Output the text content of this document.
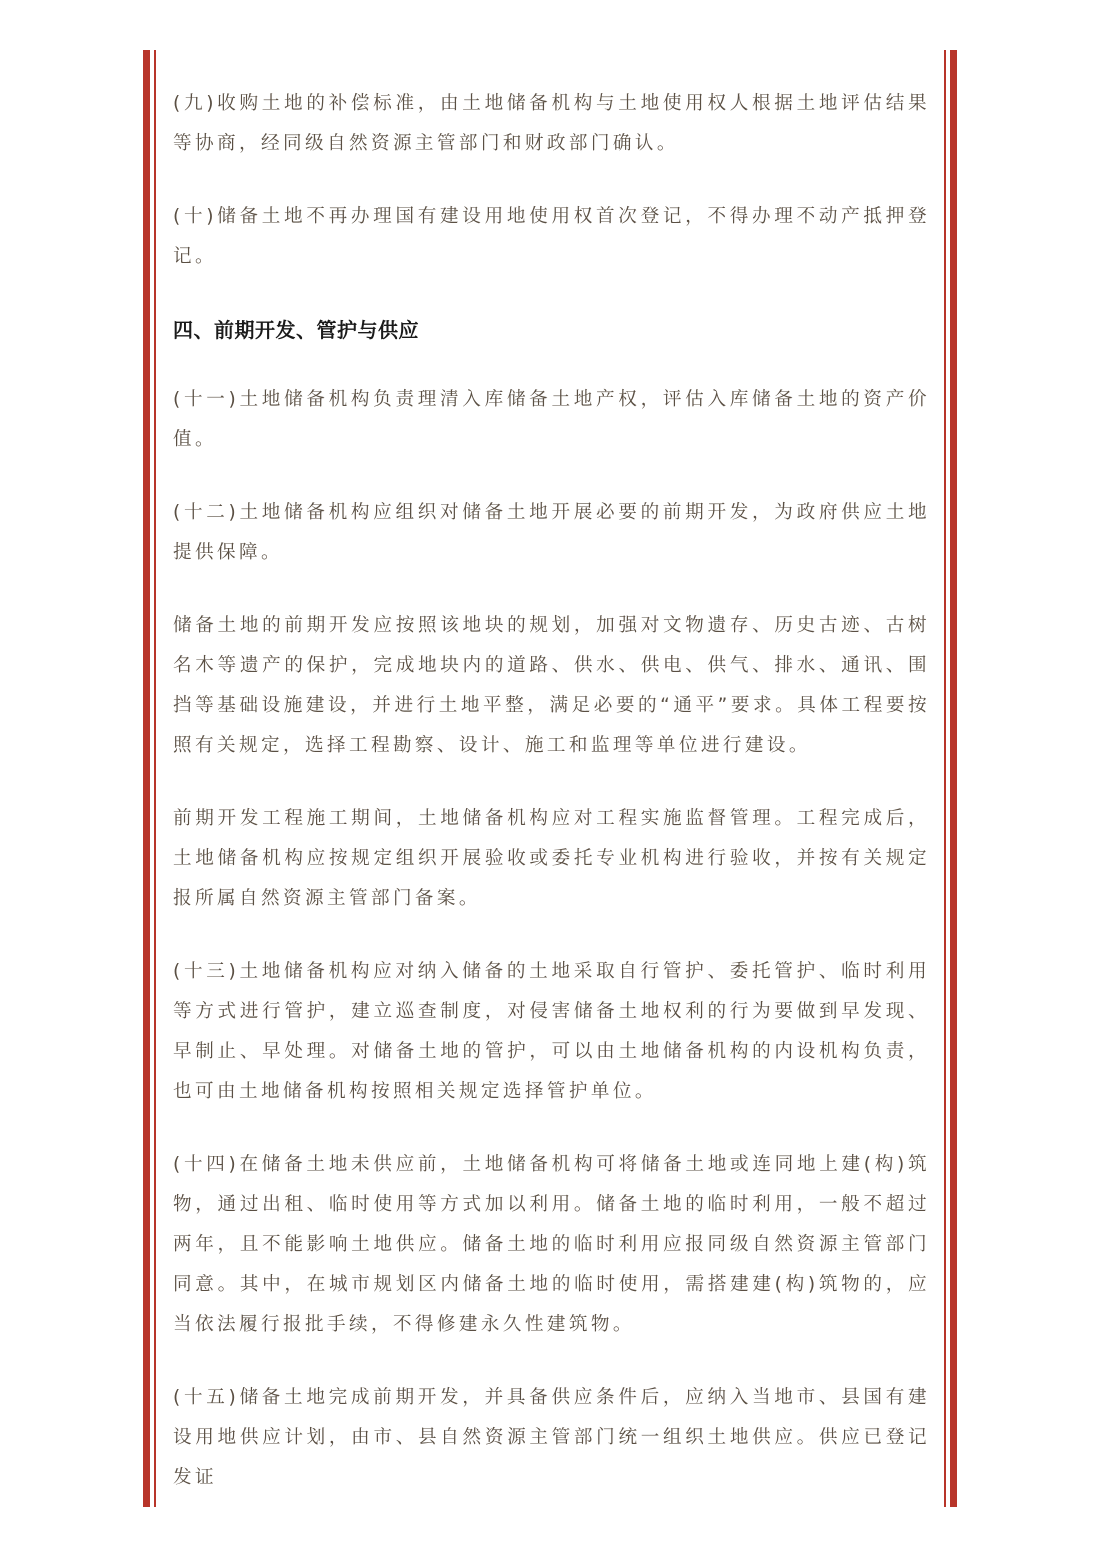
(九)收购土地的补偿标准，由土地储备机构与土地使用权人根据土地评估结果等协商，经同级自然资源主管部门和财政部门确认。

(十)储备土地不再办理国有建设用地使用权首次登记，不得办理不动产抵押登记。

四、前期开发、管护与供应

(十一)土地储备机构负责理清入库储备土地产权，评估入库储备土地的资产价值。

(十二)土地储备机构应组织对储备土地开展必要的前期开发，为政府供应土地提供保障。

储备土地的前期开发应按照该地块的规划，加强对文物遗存、历史古迹、古树名木等遗产的保护，完成地块内的道路、供水、供电、供气、排水、通讯、围挡等基础设施建设，并进行土地平整，满足必要的“通平”要求。具体工程要按照有关规定，选择工程勘察、设计、施工和监理等单位进行建设。

前期开发工程施工期间，土地储备机构应对工程实施监督管理。工程完成后，土地储备机构应按规定组织开展验收或委托专业机构进行验收，并按有关规定报所属自然资源主管部门备案。

(十三)土地储备机构应对纳入储备的土地采取自行管护、委托管护、临时利用等方式进行管护，建立巡查制度，对侵害储备土地权利的行为要做到早发现、早制止、早处理。对储备土地的管护，可以由土地储备机构的内设机构负责，也可由土地储备机构按照相关规定选择管护单位。

(十四)在储备土地未供应前，土地储备机构可将储备土地或连同地上建(构)筑物，通过出租、临时使用等方式加以利用。储备土地的临时利用，一般不超过两年，且不能影响土地供应。储备土地的临时利用应报同级自然资源主管部门同意。其中，在城市规划区内储备土地的临时使用，需搭建建(构)筑物的，应当依法履行报批手续，不得修建永久性建筑物。

(十五)储备土地完成前期开发，并具备供应条件后，应纳入当地市、县国有建设用地供应计划，由市、县自然资源主管部门统一组织土地供应。供应已登记发证
